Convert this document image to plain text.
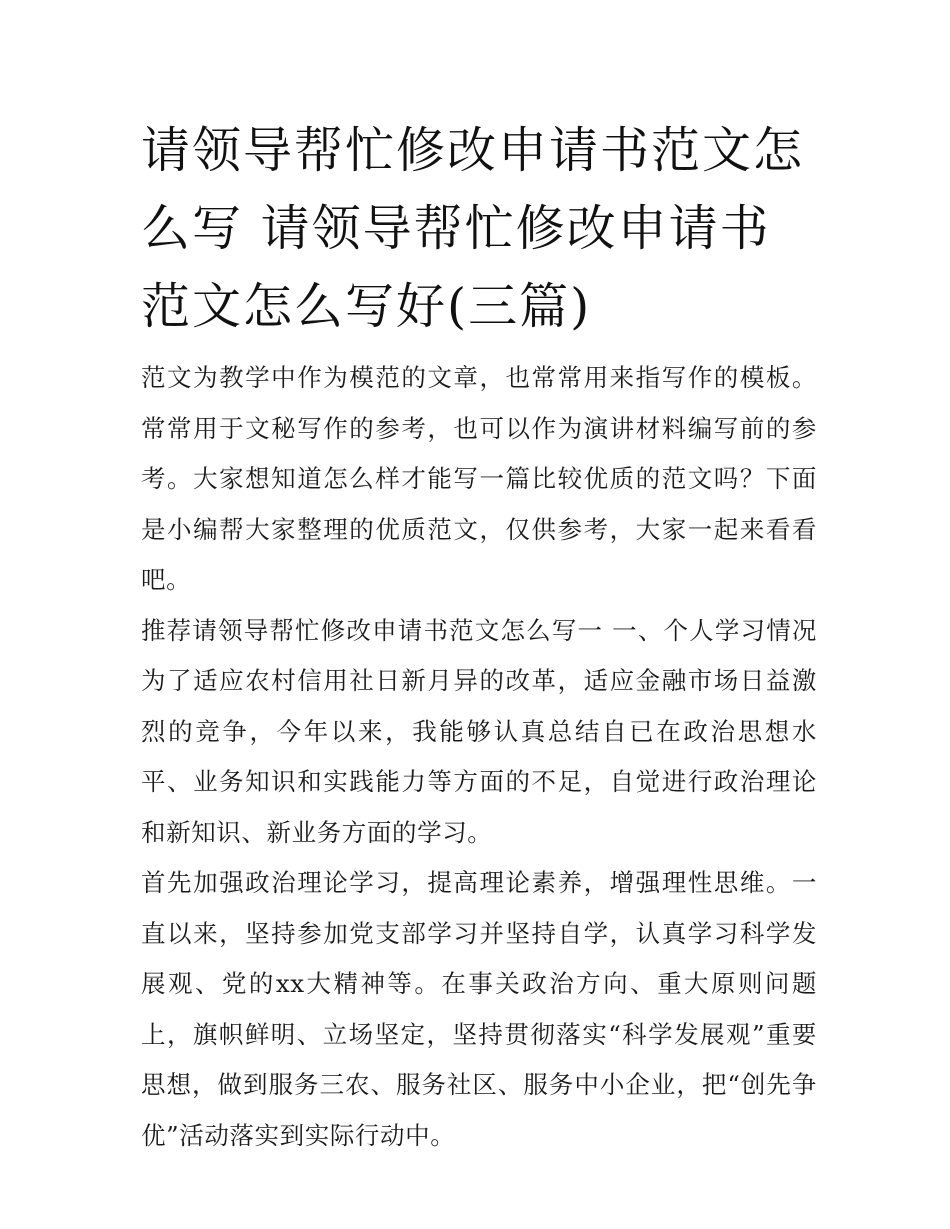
请领导帮忙修改申请书范文怎么写 请领导帮忙修改申请书范文怎么写好(三篇)

范文为教学中作为模范的文章，也常常用来指写作的模板。常常用于文秘写作的参考，也可以作为演讲材料编写前的参考。大家想知道怎么样才能写一篇比较优质的范文吗？下面是小编帮大家整理的优质范文，仅供参考，大家一起来看看吧。

推荐请领导帮忙修改申请书范文怎么写一 一、个人学习情况为了适应农村信用社日新月异的改革，适应金融市场日益激烈的竞争，今年以来，我能够认真总结自已在政治思想水平、业务知识和实践能力等方面的不足，自觉进行政治理论和新知识、新业务方面的学习。

首先加强政治理论学习，提高理论素养，增强理性思维。一直以来，坚持参加党支部学习并坚持自学，认真学习科学发展观、党的xx大精神等。在事关政治方向、重大原则问题上，旗帜鲜明、立场坚定，坚持贯彻落实“科学发展观”重要思想，做到服务三农、服务社区、服务中小企业，把“创先争优”活动落实到实际行动中。
